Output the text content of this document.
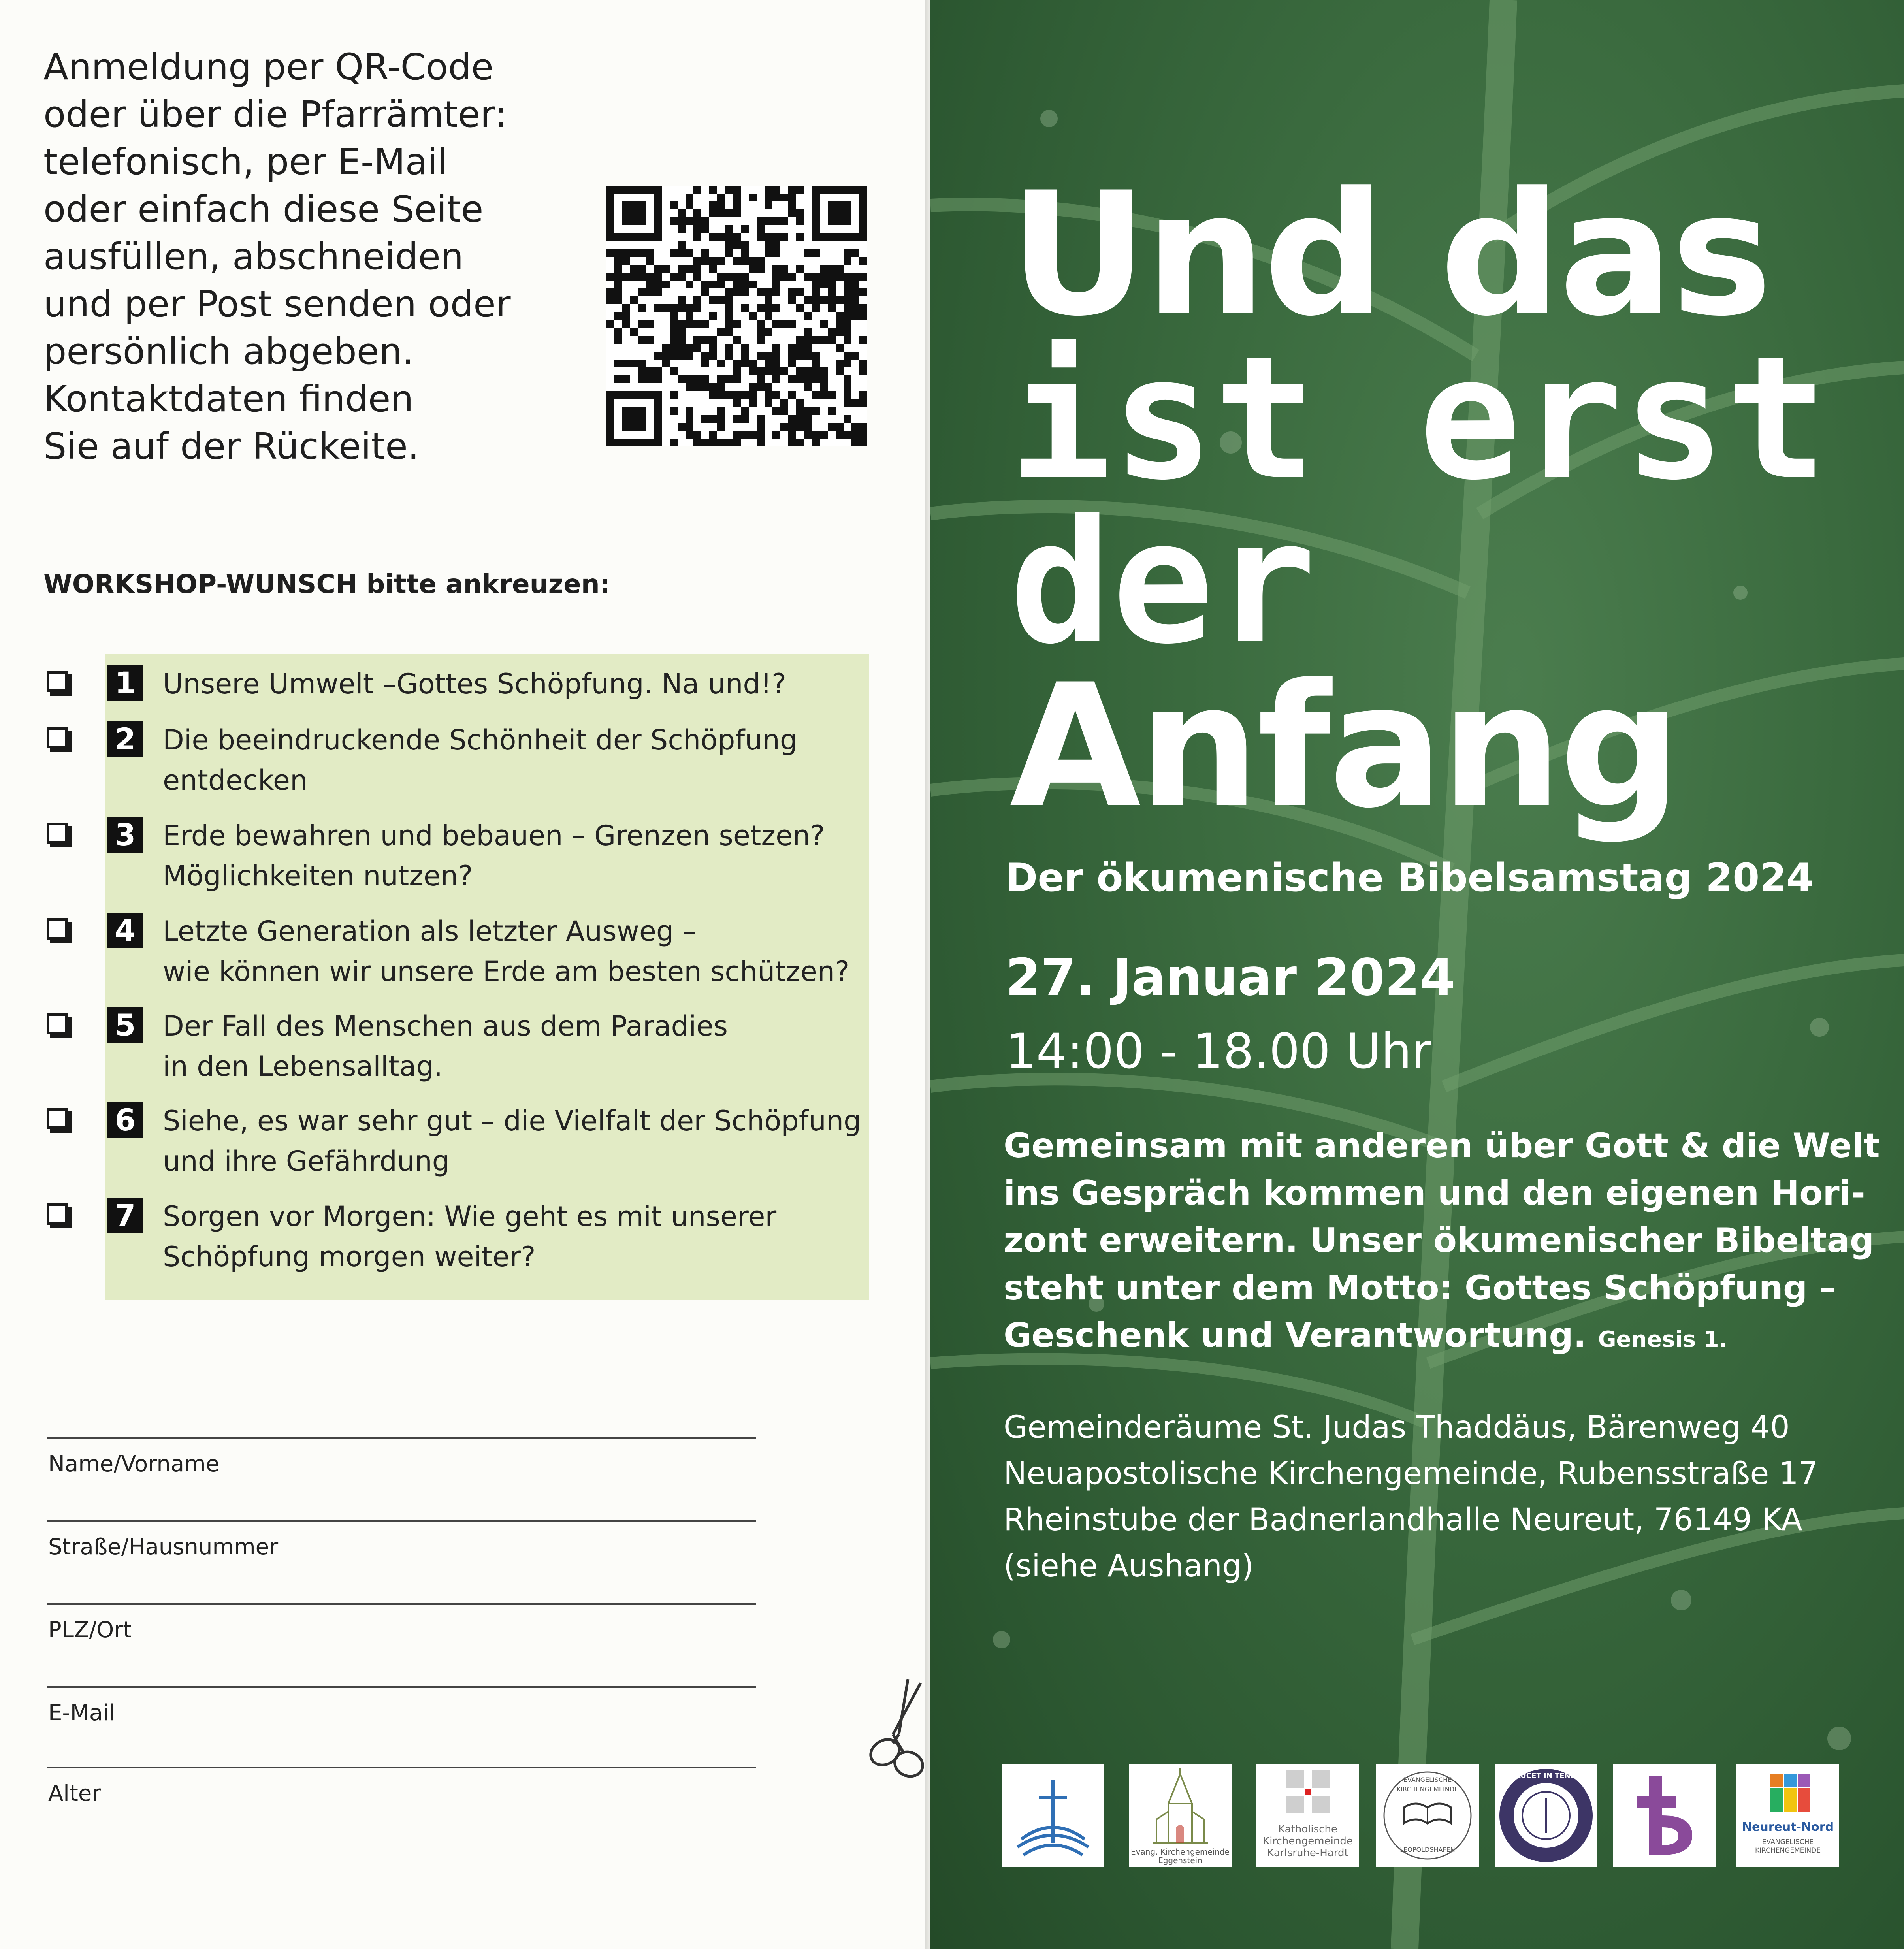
Anmeldung per QR-Code
oder über die Pfarrämter:
telefonisch, per E-Mail
oder einfach diese Seite
ausfüllen, abschneiden
und per Post senden oder
persönlich abgeben.
Kontaktdaten finden
Sie auf der Rückeite.
WORKSHOP-WUNSCH bitte ankreuzen:
1 Unsere Umwelt –Gottes Schöpfung. Na und!?
2 Die beeindruckende Schönheit der Schöpfung
entdecken
3 Erde bewahren und bebauen – Grenzen setzen?
Möglichkeiten nutzen?
4 Letzte Generation als letzter Ausweg –
wie können wir unsere Erde am besten schützen?
5 Der Fall des Menschen aus dem Paradies
in den Lebensalltag.
6 Siehe, es war sehr gut – die Vielfalt der Schöpfung
und ihre Gefährdung
7 Sorgen vor Morgen: Wie geht es mit unserer
Schöpfung morgen weiter?
Name/Vorname
Straße/Hausnummer
PLZ/Ort
E-Mail
Alter
Und das
ist erst
der
Anfang
Der ökumenische Bibelsamstag 2024
27. Januar 2024
14:00 - 18.00 Uhr
Gemeinsam mit anderen über Gott & die Welt
ins Gespräch kommen und den eigenen Hori-
zont erweitern. Unser ökumenischer Bibeltag
steht unter dem Motto: Gottes Schöpfung –
Geschenk und Verantwortung. Genesis 1.
Gemeinderäume St. Judas Thaddäus, Bärenweg 40
Neuapostolische Kirchengemeinde, Rubensstraße 17
Rheinstube der Badnerlandhalle Neureut, 76149 KA
(siehe Aushang)
Evang. Kirchengemeinde
Eggenstein
Katholische
Kirchengemeinde
Karlsruhe-Hardt
EVANGELISCHE KIRCHENGEMEINDE
LEOPOLDSHAFEN
LUX LUCET IN TENEBRIS
Neureut-Nord
EVANGELISCHE
KIRCHENGEMEINDE
